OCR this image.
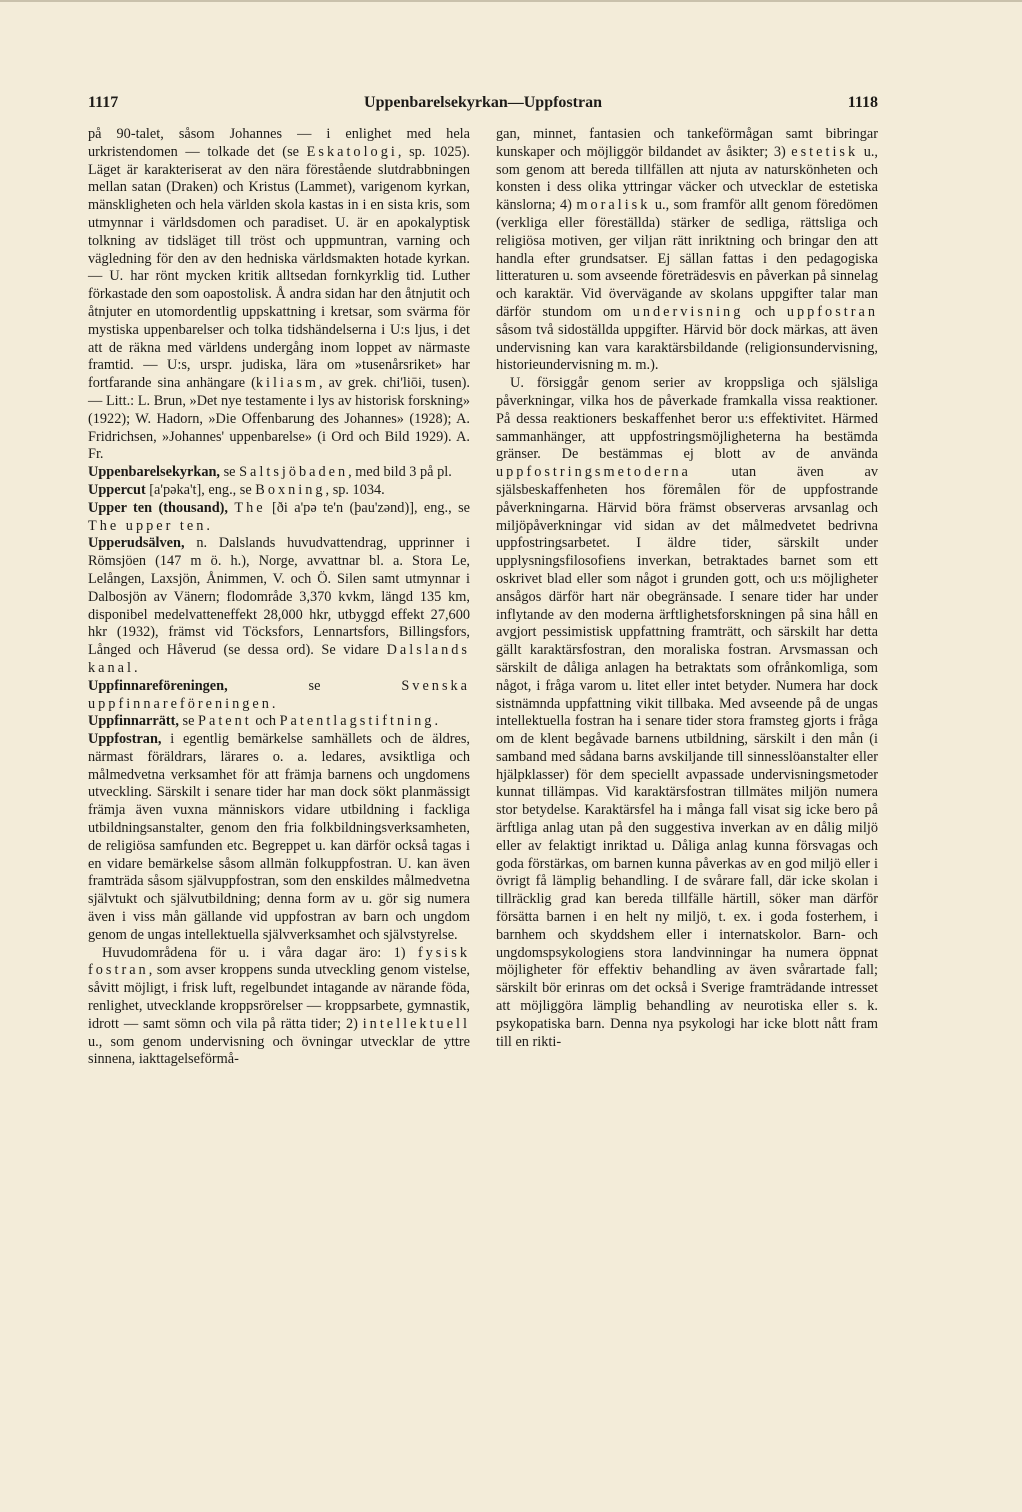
1117	Uppenbarelsekyrkan—Uppfostran	1118

på 90-talet, såsom Johannes — i enlighet med hela urkristendomen — tolkade det (se Eskatologi, sp. 1025). Läget är karakteriserat av den nära förestående slutdrabbningen mellan satan (Draken) och Kristus (Lammet), varigenom kyrkan, mänskligheten och hela världen skola kastas in i en sista kris, som utmynnar i världsdomen och paradiset. U. är en apokalyptisk tolkning av tidsläget till tröst och uppmuntran, varning och vägledning för den av den hedniska världsmakten hotade kyrkan. — U. har rönt mycken kritik alltsedan fornkyrklig tid. Luther förkastade den som oapostolisk. Å andra sidan har den åtnjutit och åtnjuter en utomordentlig uppskattning i kretsar, som svärma för mystiska uppenbarelser och tolka tidshändelserna i U:s ljus, i det att de räkna med världens undergång inom loppet av närmaste framtid. — U:s, urspr. judiska, lära om »tusenårsriket» har fortfarande sina anhängare (kiliasm, av grek. chi'liōi, tusen). — Litt.: L. Brun, »Det nye testamente i lys av historisk forskning» (1922); W. Hadorn, »Die Offenbarung des Johannes» (1928); A. Fridrichsen, »Johannes' uppenbarelse» (i Ord och Bild 1929). A. Fr.

Uppenbarelsekyrkan, se Saltsjöbaden, med bild 3 på pl.

Uppercut [a'pəka't], eng., se Boxning, sp. 1034.

Upper ten (thousand), The [ði a'pə te'n (þau'zənd)], eng., se The upper ten.

Upperudsälven, n. Dalslands huvudvattendrag, upprinner i Römsjöen (147 m ö. h.), Norge, avvattnar bl. a. Stora Le, Lelången, Laxsjön, Ånimmen, V. och Ö. Silen samt utmynnar i Dalbosjön av Vänern; flodområde 3,370 kvkm, längd 135 km, disponibel medelvatteneffekt 28,000 hkr, utbyggd effekt 27,600 hkr (1932), främst vid Töcksfors, Lennartsfors, Billingsfors, Långed och Håverud (se dessa ord). Se vidare Dalslands kanal.

Uppfinnareföreningen, se Svenska uppfinnareföreningen.

Uppfinnarrätt, se Patent och Patentlagstiftning.

Uppfostran, i egentlig bemärkelse samhällets och de äldres, närmast föräldrars, lärares o. a. ledares, avsiktliga och målmedvetna verksamhet för att främja barnens och ungdomens utveckling. Särskilt i senare tider har man dock sökt planmässigt främja även vuxna människors vidare utbildning i fackliga utbildningsanstalter, genom den fria folkbildningsverksamheten, de religiösa samfunden etc. Begreppet u. kan därför också tagas i en vidare bemärkelse såsom allmän folkuppfostran. U. kan även framträda såsom självuppfostran, som den enskildes målmedvetna självtukt och självutbildning; denna form av u. gör sig numera även i viss mån gällande vid uppfostran av barn och ungdom genom de ungas intellektuella självverksamhet och självstyrelse.

Huvudområdena för u. i våra dagar äro: 1) fysisk fostran, som avser kroppens sunda utveckling genom vistelse, såvitt möjligt, i frisk luft, regelbundet intagande av närande föda, renlighet, utvecklande kroppsrörelser — kroppsarbete, gymnastik, idrott — samt sömn och vila på rätta tider; 2) intellektuell u., som genom undervisning och övningar utvecklar de yttre sinnena, iakttagelseförmå-

gan, minnet, fantasien och tankeförmågan samt bibringar kunskaper och möjliggör bildandet av åsikter; 3) estetisk u., som genom att bereda tillfällen att njuta av naturskönheten och konsten i dess olika yttringar väcker och utvecklar de estetiska känslorna; 4) moralisk u., som framför allt genom föredömen (verkliga eller föreställda) stärker de sedliga, rättsliga och religiösa motiven, ger viljan rätt inriktning och bringar den att handla efter grundsatser. Ej sällan fattas i den pedagogiska litteraturen u. som avseende företrädesvis en påverkan på sinnelag och karaktär. Vid övervägande av skolans uppgifter talar man därför stundom om undervisning och uppfostran såsom två sidoställda uppgifter. Härvid bör dock märkas, att även undervisning kan vara karaktärsbildande (religionsundervisning, historieundervisning m. m.).

U. försiggår genom serier av kroppsliga och själsliga påverkningar, vilka hos de påverkade framkalla vissa reaktioner. På dessa reaktioners beskaffenhet beror u:s effektivitet. Härmed sammanhänger, att uppfostringsmöjligheterna ha bestämda gränser. De bestämmas ej blott av de använda uppfostringsmetoderna utan även av själsbeskaffenheten hos föremålen för de uppfostrande påverkningarna. Härvid böra främst observeras arvsanlag och miljöpåverkningar vid sidan av det målmedvetet bedrivna uppfostringsarbetet. I äldre tider, särskilt under upplysningsfilosofiens inverkan, betraktades barnet som ett oskrivet blad eller som något i grunden gott, och u:s möjligheter ansågos därför hart när obegränsade. I senare tider har under inflytande av den moderna ärftlighetsforskningen på sina håll en avgjort pessimistisk uppfattning framträtt, och särskilt har detta gällt karaktärsfostran, den moraliska fostran. Arvsmassan och särskilt de dåliga anlagen ha betraktats som ofrånkomliga, som något, i fråga varom u. litet eller intet betyder. Numera har dock sistnämnda uppfattning vikit tillbaka. Med avseende på de ungas intellektuella fostran ha i senare tider stora framsteg gjorts i fråga om de klent begåvade barnens utbildning, särskilt i den mån (i samband med sådana barns avskiljande till sinnesslöanstalter eller hjälpklasser) för dem speciellt avpassade undervisningsmetoder kunnat tillämpas. Vid karaktärsfostran tillmätes miljön numera stor betydelse. Karaktärsfel ha i många fall visat sig icke bero på ärftliga anlag utan på den suggestiva inverkan av en dålig miljö eller av felaktigt inriktad u. Dåliga anlag kunna försvagas och goda förstärkas, om barnen kunna påverkas av en god miljö eller i övrigt få lämplig behandling. I de svårare fall, där icke skolan i tillräcklig grad kan bereda tillfälle härtill, söker man därför försätta barnen i en helt ny miljö, t. ex. i goda fosterhem, i barnhem och skyddshem eller i internatskolor. Barn- och ungdomspsykologiens stora landvinningar ha numera öppnat möjligheter för effektiv behandling av även svårartade fall; särskilt bör erinras om det också i Sverige framträdande intresset att möjliggöra lämplig behandling av neurotiska eller s. k. psykopatiska barn. Denna nya psykologi har icke blott nått fram till en rikti-
